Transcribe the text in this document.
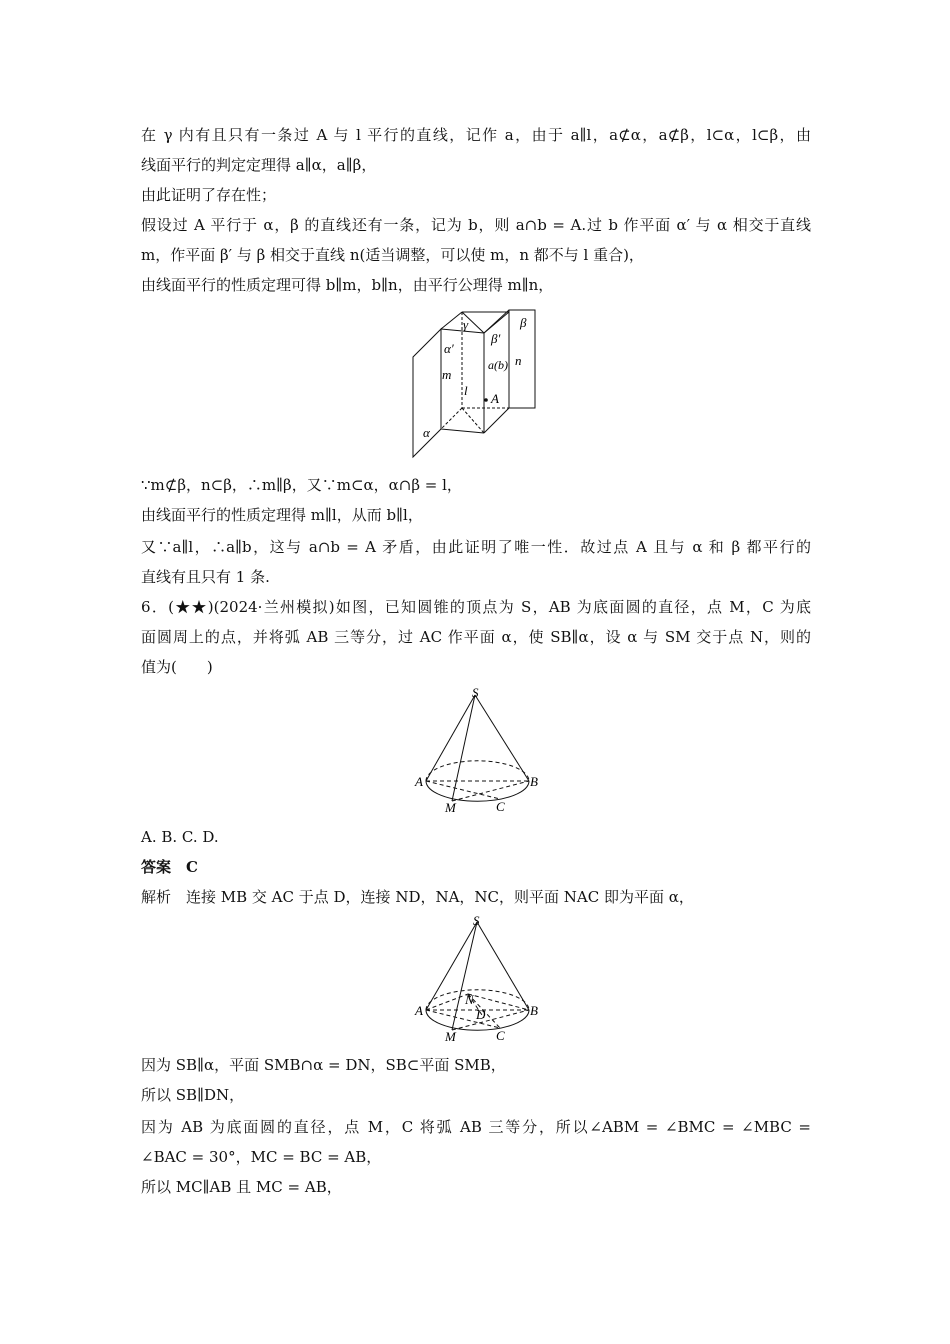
在 γ 内有且只有一条过 A 与 l 平行的直线，记作 a，由于 a∥l，a⊄α，a⊄β，l⊂α，l⊂β，由
线面平行的判定定理得 a∥α，a∥β，
由此证明了存在性；
假设过 A 平行于 α，β 的直线还有一条，记为 b，则 a∩b = A.过 b 作平面 α′ 与 α 相交于直线
m，作平面 β′ 与 β 相交于直线 n(适当调整，可以使 m，n 都不与 l 重合)，
由线面平行的性质定理可得 b∥m，b∥n，由平行公理得 m∥n，
γ
β′
β
α′
m
a(b) n
l
A
α
∵m⊄β，n⊂β，∴m∥β，又∵m⊂α，α∩β = l，
由线面平行的性质定理得 m∥l，从而 b∥l，
又∵a∥l，∴a∥b，这与 a∩b = A 矛盾，由此证明了唯一性．故过点 A 且与 α 和 β 都平行的
直线有且只有 1 条.
6．(★★)(2024·兰州模拟)如图，已知圆锥的顶点为 S，AB 为底面圆的直径，点 M，C 为底
面圆周上的点，并将弧 AB 三等分，过 AC 作平面 α，使 SB∥α，设 α 与 SM 交于点 N，则的
值为(　　)
S
A	B
M	C
A. B. C. D.
答案　C
解析　连接 MB 交 AC 于点 D，连接 ND，NA，NC，则平面 NAC 即为平面 α，
S
N
A	D	B
M	C
因为 SB∥α，平面 SMB∩α = DN，SB⊂平面 SMB，
所以 SB∥DN，
因为 AB 为底面圆的直径，点 M，C 将弧 AB 三等分，所以∠ABM = ∠BMC = ∠MBC =
∠BAC = 30°，MC = BC = AB，
所以 MC∥AB 且 MC = AB，
